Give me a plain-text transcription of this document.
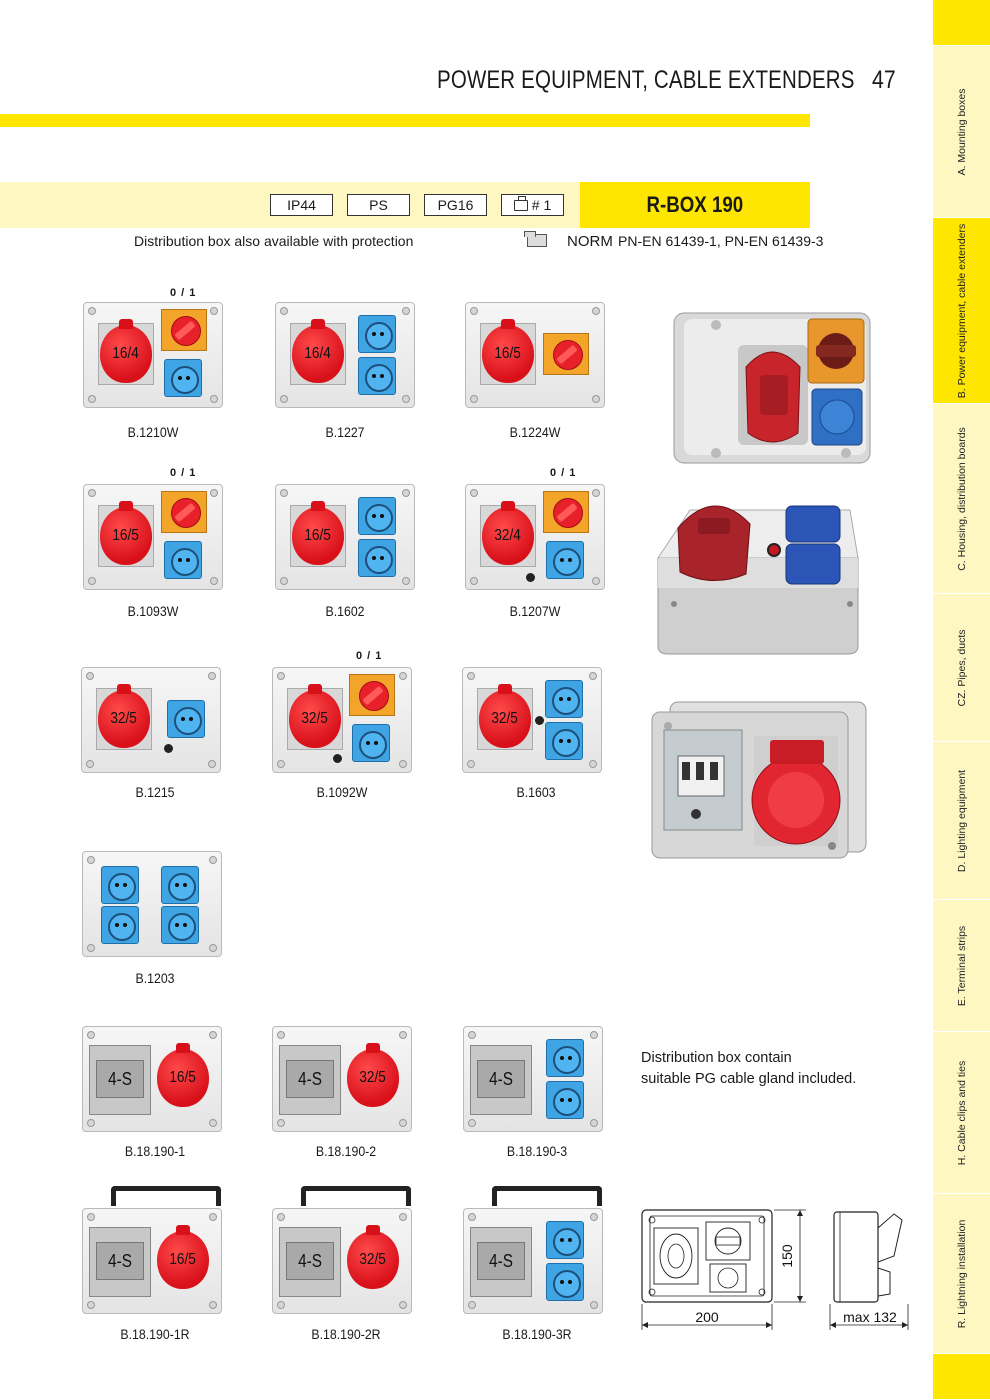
POWER EQUIPMENT, CABLE EXTENDERS 47
A. Mounting boxes
B. Power equipment, cable extenders
C. Housing, distribution boards
CZ. Pipes, ducts
D. Lighting equipment
E. Terminal strips
H. Cable clips and ties
R. Lightning installation
IP44	PS	PG16	# 1	R-BOX 190
Distribution box also available with protection	NORM PN-EN 61439-1, PN-EN 61439-3
0 / 1
16/4
B.1210W
16/4
B.1227
16/5
B.1224W
0 / 1
16/5
B.1093W
16/5
B.1602
0 / 1
32/4
B.1207W
32/5
B.1215
0 / 1
32/5
B.1092W
32/5
B.1603
B.1203
4-S 16/5
B.18.190-1
4-S 32/5
B.18.190-2
4-S
B.18.190-3
Distribution box contain
suitable PG cable gland included.
4-S 16/5
B.18.190-1R
4-S 32/5
B.18.190-2R
4-S
B.18.190-3R
200
150
max 132
